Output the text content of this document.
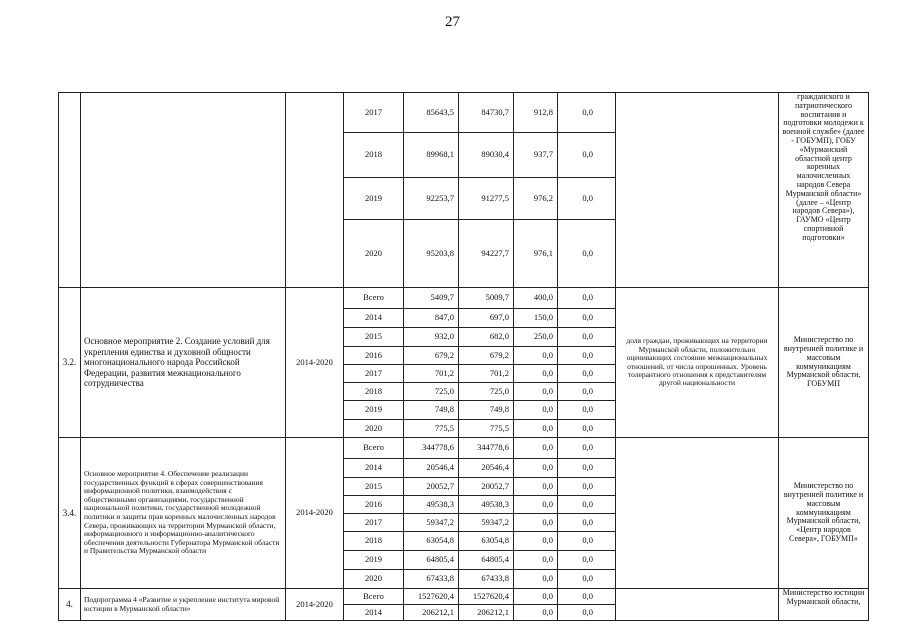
27
			2017	85643,5	84730,7	912,8	0,0		гражданского и патриотического воспитания и подготовки молодежи к военной службе» (далее - ГОБУМП), ГОБУ «Мурманский областной центр коренных малочисленных народов Севера Мурманской области» (далее – «Центр народов Севера»), ГАУМО «Центр спортивной подготовки»
			2018	89968,1	89030,4	937,7	0,0		
			2019	92253,7	91277,5	976,2	0,0		
			2020	95203,8	94227,7	976,1	0,0		
3.2.	Основное мероприятие 2. Создание условий для укрепления единства и духовной общности многонационального народа Российской Федерации, развития межнационального сотрудничества	2014-2020	Всего	5409,7	5009,7	400,0	0,0	доля граждан, проживающих на территории Мурманской области, положительно оценивающих состояние межнациональных отношений, от числа опрошенных. Уровень толерантного отношения к представителям другой национальности	Министерство по внутренней политике и массовым коммуникациям Мурманской области, ГОБУМП
			2014	847,0	697,0	150,0	0,0		
			2015	932,0	682,0	250,0	0,0		
			2016	679,2	679,2	0,0	0,0		
			2017	701,2	701,2	0,0	0,0		
			2018	725,0	725,0	0,0	0,0		
			2019	749,8	749,8	0,0	0,0		
			2020	775,5	775,5	0,0	0,0		
3.4.	Основное мероприятие 4. Обеспечение реализации государственных функций в сферах совершенствования информационной политики, взаимодействия с общественными организациями, государственной национальной политики, государственной молодежной политики и защиты прав коренных малочисленных народов Севера, проживающих на территории Мурманской области, информационного и информационно-аналитического обеспечения деятельности Губернатора Мурманской области и Правительства Мурманской области	2014-2020	Всего	344778,6	344778,6	0,0	0,0		Министерство по внутренней политике и массовым коммуникациям Мурманской области, «Центр народов Севера», ГОБУМП»
			2014	20546,4	20546,4	0,0	0,0		
			2015	20052,7	20052,7	0,0	0,0		
			2016	49538,3	49538,3	0,0	0,0		
			2017	59347,2	59347,2	0,0	0,0		
			2018	63054,8	63054,8	0,0	0,0		
			2019	64805,4	64805,4	0,0	0,0		
			2020	67433,8	67433,8	0,0	0,0		
4.	Подпрограмма 4 «Развитие и укрепление института мировой юстиции в Мурманской области»	2014-2020	Всего	1527620,4	1527620,4	0,0	0,0		Министерство юстиции Мурманской области,
			2014	206212,1	206212,1	0,0	0,0		
